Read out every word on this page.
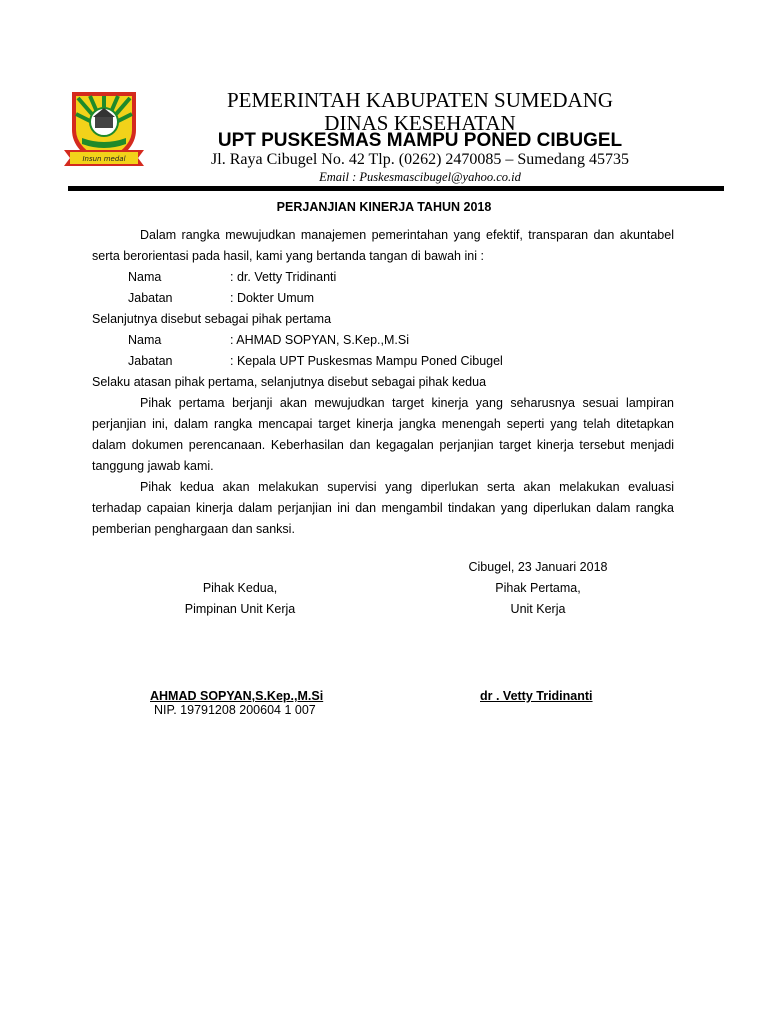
Insun medal
PEMERINTAH KABUPATEN SUMEDANG
DINAS KESEHATAN
UPT PUSKESMAS MAMPU PONED CIBUGEL
Jl. Raya Cibugel No. 42 Tlp. (0262) 2470085 – Sumedang 45735
Email : Puskesmascibugel@yahoo.co.id
PERJANJIAN KINERJA TAHUN 2018
Dalam rangka mewujudkan manajemen pemerintahan yang efektif, transparan dan akuntabel serta berorientasi pada hasil, kami yang bertanda tangan di bawah ini :
Nama	: dr. Vetty Tridinanti
Jabatan	: Dokter Umum
Selanjutnya disebut sebagai pihak pertama
Nama	: AHMAD SOPYAN, S.Kep.,M.Si
Jabatan	: Kepala UPT Puskesmas Mampu Poned Cibugel
Selaku atasan pihak pertama, selanjutnya disebut sebagai pihak kedua
Pihak pertama berjanji akan mewujudkan target kinerja yang seharusnya sesuai lampiran perjanjian ini, dalam rangka mencapai target kinerja jangka menengah seperti yang telah ditetapkan dalam dokumen perencanaan. Keberhasilan dan kegagalan perjanjian target kinerja tersebut menjadi tanggung jawab kami.
Pihak kedua akan melakukan supervisi yang diperlukan serta akan melakukan evaluasi terhadap capaian kinerja dalam perjanjian ini dan mengambil tindakan yang diperlukan dalam rangka pemberian penghargaan dan sanksi.
Pihak Kedua,
Pimpinan Unit Kerja
Cibugel, 23 Januari 2018
Pihak Pertama,
Unit Kerja
AHMAD SOPYAN,S.Kep.,M.Si
NIP. 19791208 200604 1 007
dr . Vetty Tridinanti
